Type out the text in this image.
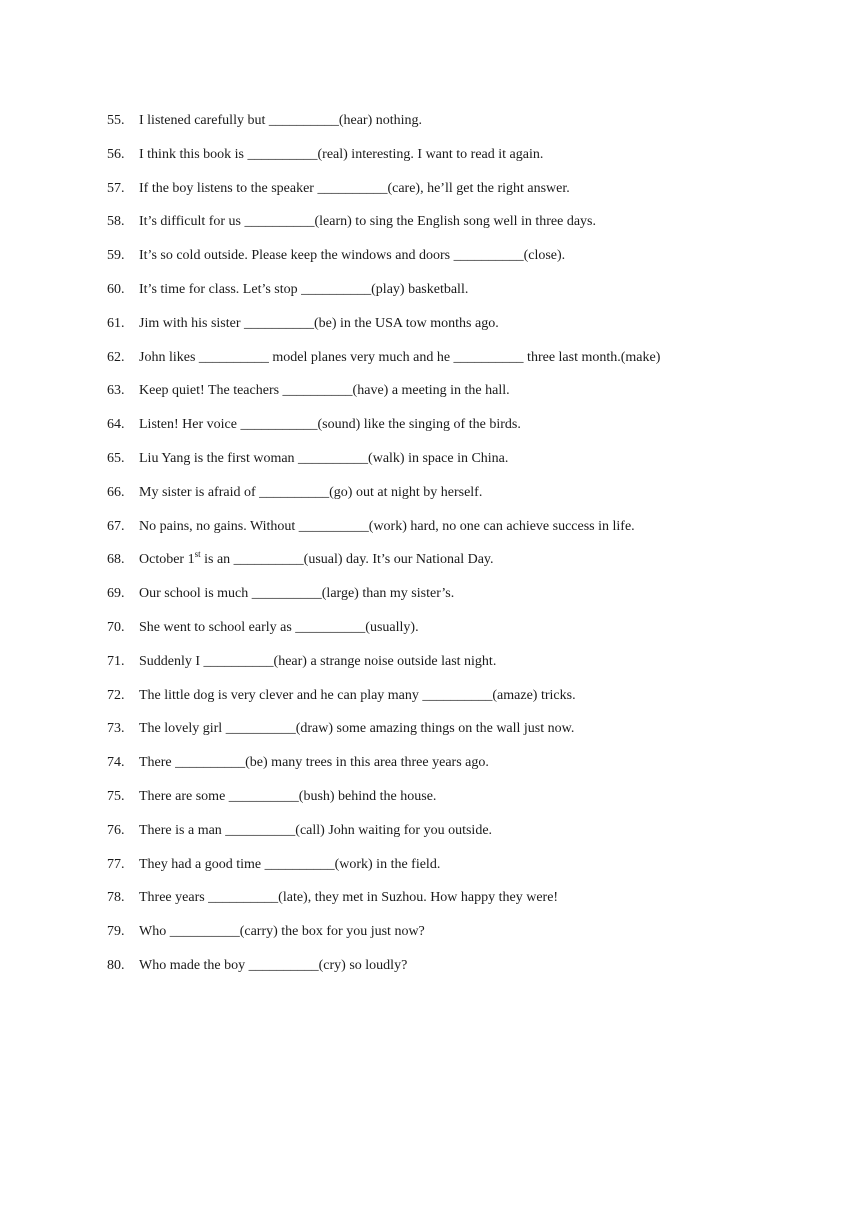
55.	I listened carefully but __________(hear) nothing.
56.	I think this book is __________(real) interesting. I want to read it again.
57.	If the boy listens to the speaker __________(care), he’ll get the right answer.
58.	It’s difficult for us __________(learn) to sing the English song well in three days.
59.	It’s so cold outside. Please keep the windows and doors __________(close).
60.	It’s time for class. Let’s stop __________(play) basketball.
61.	Jim with his sister __________(be) in the USA tow months ago.
62.	John likes __________ model planes very much and he __________ three last month.(make)
63.	Keep quiet! The teachers __________(have) a meeting in the hall.
64.	Listen! Her voice ___________(sound) like the singing of the birds.
65.	Liu Yang is the first woman __________(walk) in space in China.
66.	My sister is afraid of __________(go) out at night by herself.
67.	No pains, no gains. Without __________(work) hard, no one can achieve success in life.
68.	October 1st is an __________(usual) day. It’s our National Day.
69.	Our school is much __________(large) than my sister’s.
70.	She went to school early as __________(usually).
71.	Suddenly I __________(hear) a strange noise outside last night.
72.	The little dog is very clever and he can play many __________(amaze) tricks.
73.	The lovely girl __________(draw) some amazing things on the wall just now.
74.	There __________(be) many trees in this area three years ago.
75.	There are some __________(bush) behind the house.
76.	There is a man __________(call) John waiting for you outside.
77.	They had a good time __________(work) in the field.
78.	Three years __________(late), they met in Suzhou. How happy they were!
79.	Who __________(carry) the box for you just now?
80.	Who made the boy __________(cry) so loudly?
